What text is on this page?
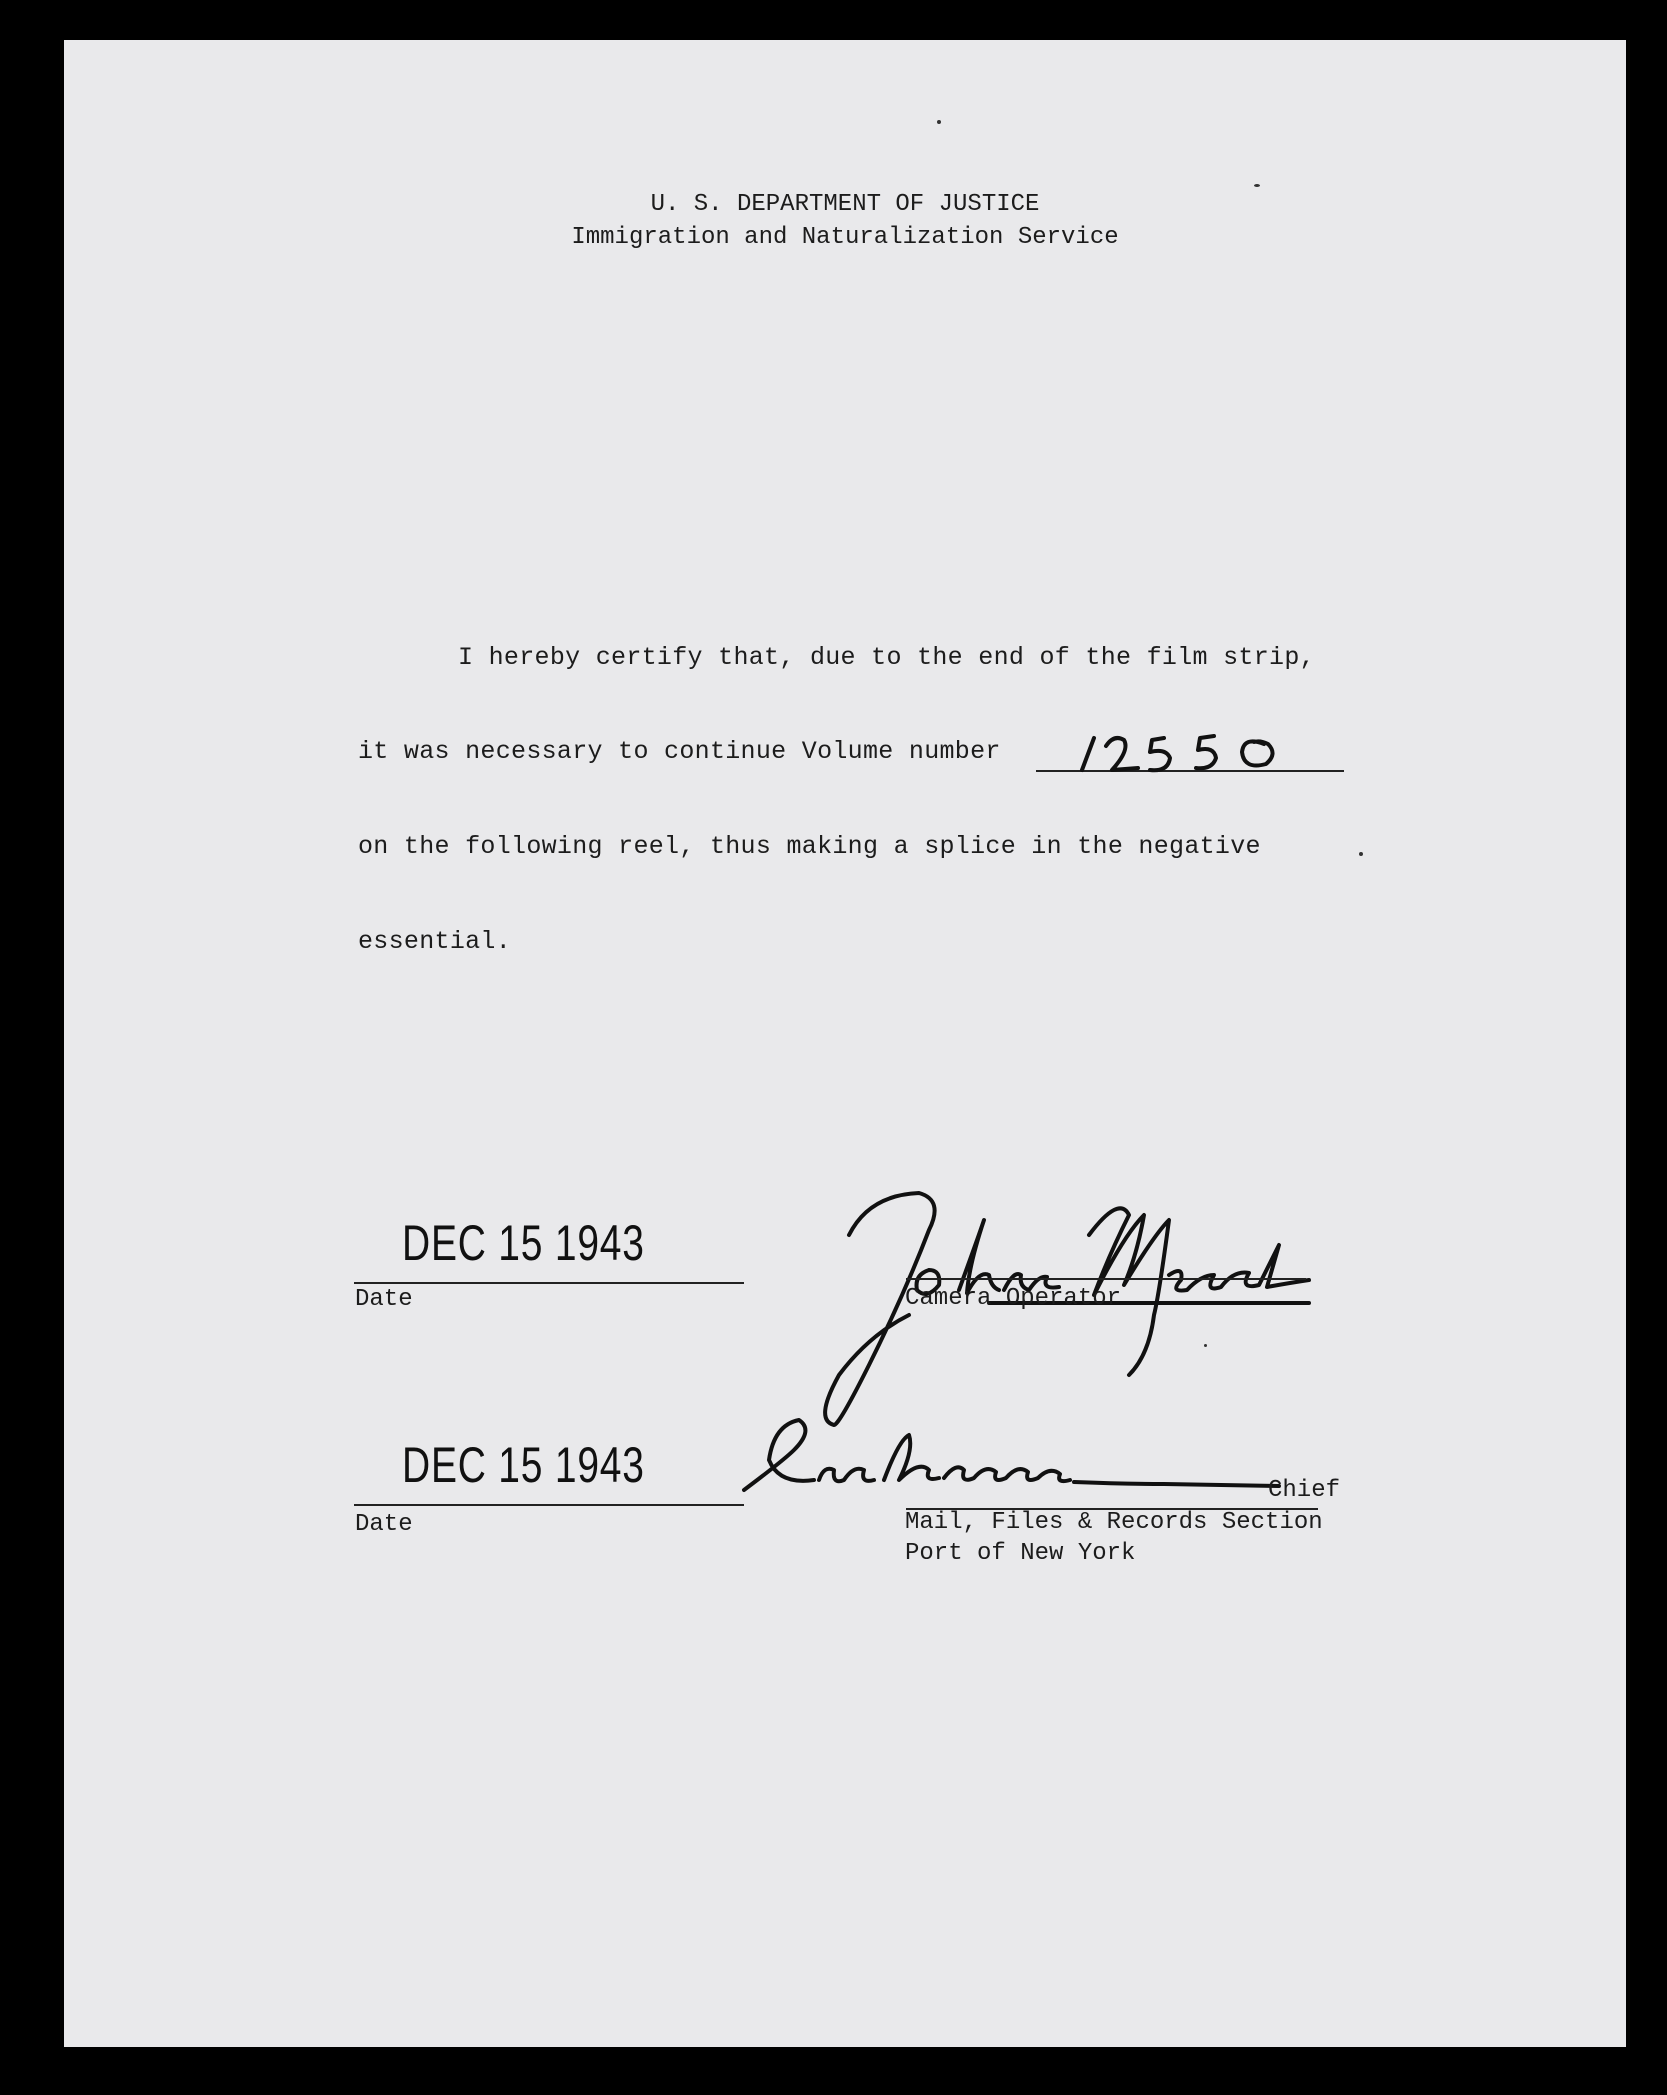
U. S. DEPARTMENT OF JUSTICE
Immigration and Naturalization Service
I hereby certify that, due to the end of the film strip,
it was necessary to continue Volume number
on the following reel, thus making a splice in the negative
essential.
DEC 15 1943
Date	Camera Operator
DEC 15 1943
Date
Chief
Mail, Files & Records Section
Port of New York
